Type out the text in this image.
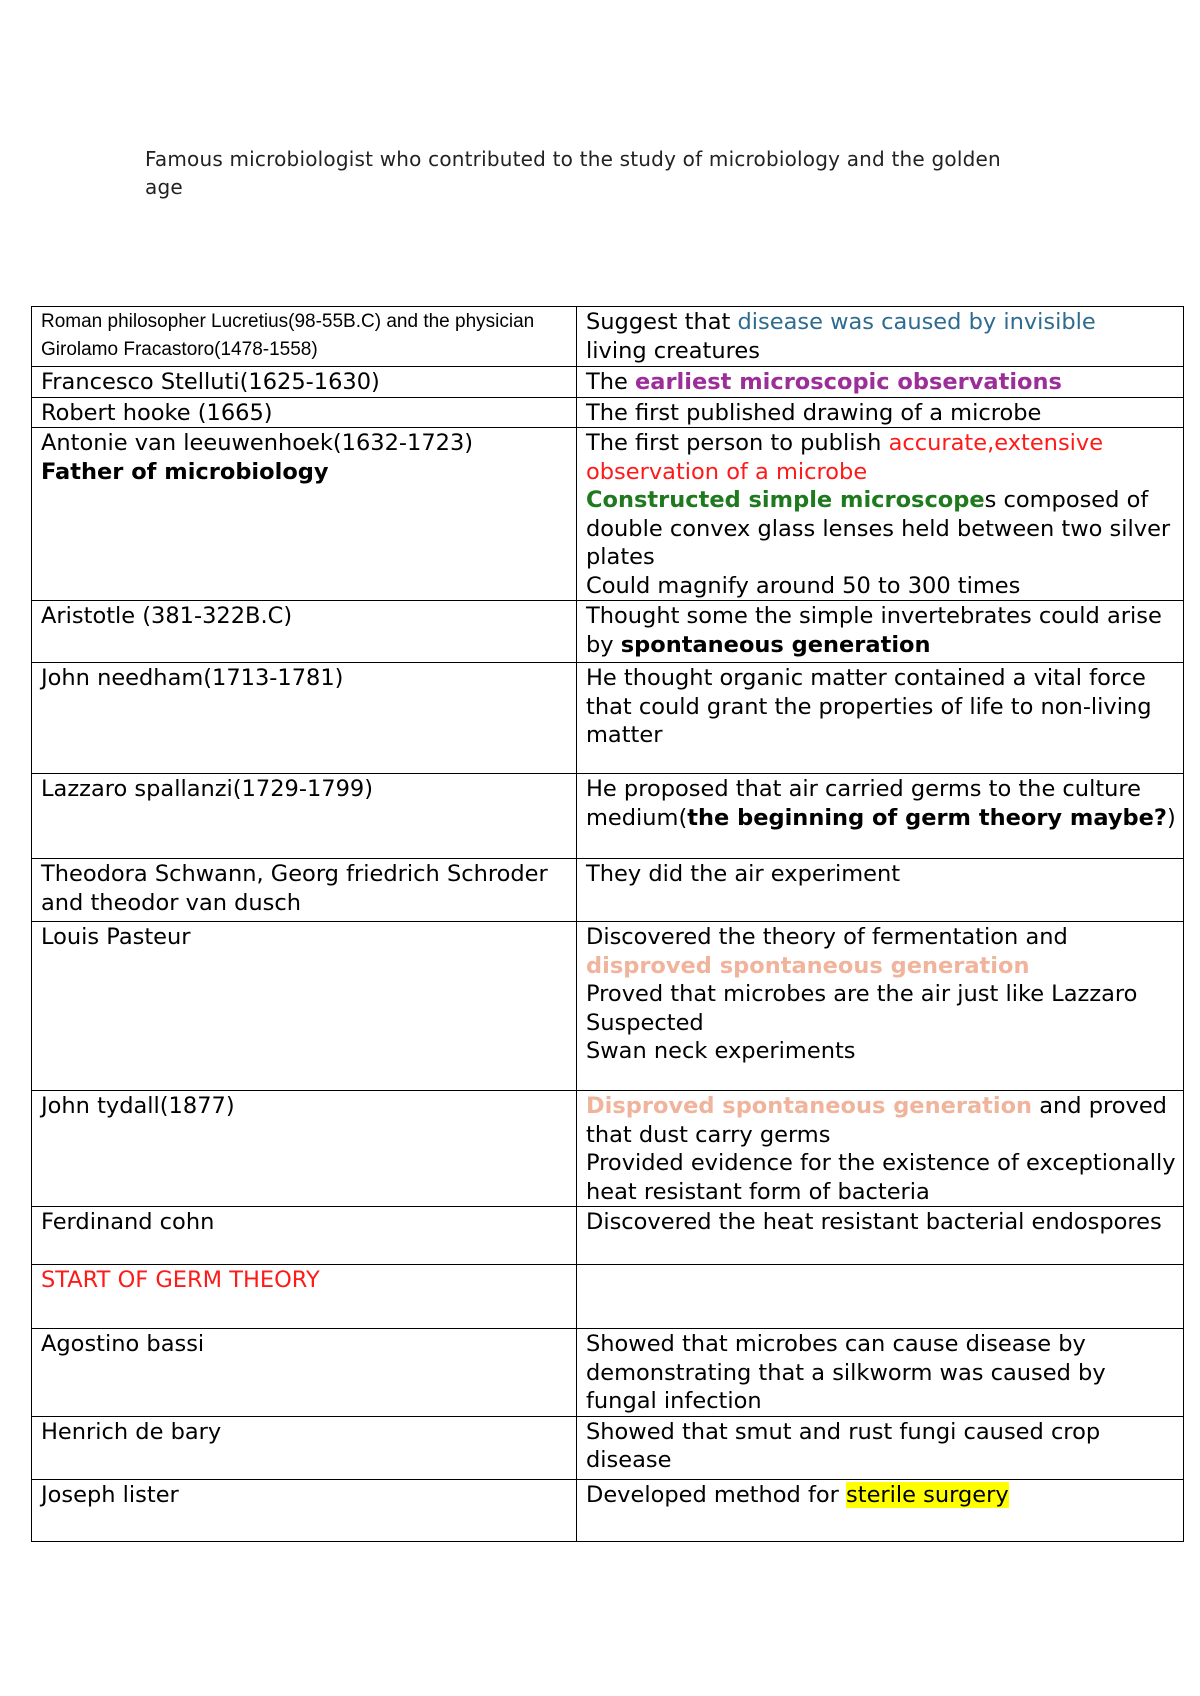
Famous microbiologist who contributed to the study of microbiology and the golden age
Roman philosopher Lucretius(98-55B.C) and the physician Girolamo Fracastoro(1478-1558)	Suggest that disease was caused by invisible
living creatures

Francesco Stelluti(1625-1630)	The earliest microscopic observations
Robert hooke (1665)	The first published drawing of a microbe

Antonie van leeuwenhoek(1632-1723)
Father of microbiology	The first person to publish accurate,extensive observation of a microbe
Constructed simple microscopes composed of double convex glass lenses held between two silver plates
Could magnify around 50 to 300 times

Aristotle (381-322B.C)	Thought some the simple invertebrates could arise by spontaneous generation
John needham(1713-1781)	He thought organic matter contained a vital force that could grant the properties of life to non-living matter
Lazzaro spallanzi(1729-1799)	He proposed that air carried germs to the culture medium(the beginning of germ theory maybe?)
Theodora Schwann, Georg friedrich Schroder and theodor van dusch	They did the air experiment
Louis Pasteur	Discovered the theory of fermentation and disproved spontaneous generation
Proved that microbes are the air just like Lazzaro
Suspected
Swan neck experiments

John tydall(1877)	Disproved spontaneous generation and proved that dust carry germs
Provided evidence for the existence of exceptionally heat resistant form of bacteria

Ferdinand cohn	Discovered the heat resistant bacterial endospores
START OF GERM THEORY	
Agostino bassi	Showed that microbes can cause disease by demonstrating that a silkworm was caused by fungal infection
Henrich de bary	Showed that smut and rust fungi caused crop disease
Joseph lister	Developed method for sterile surgery
